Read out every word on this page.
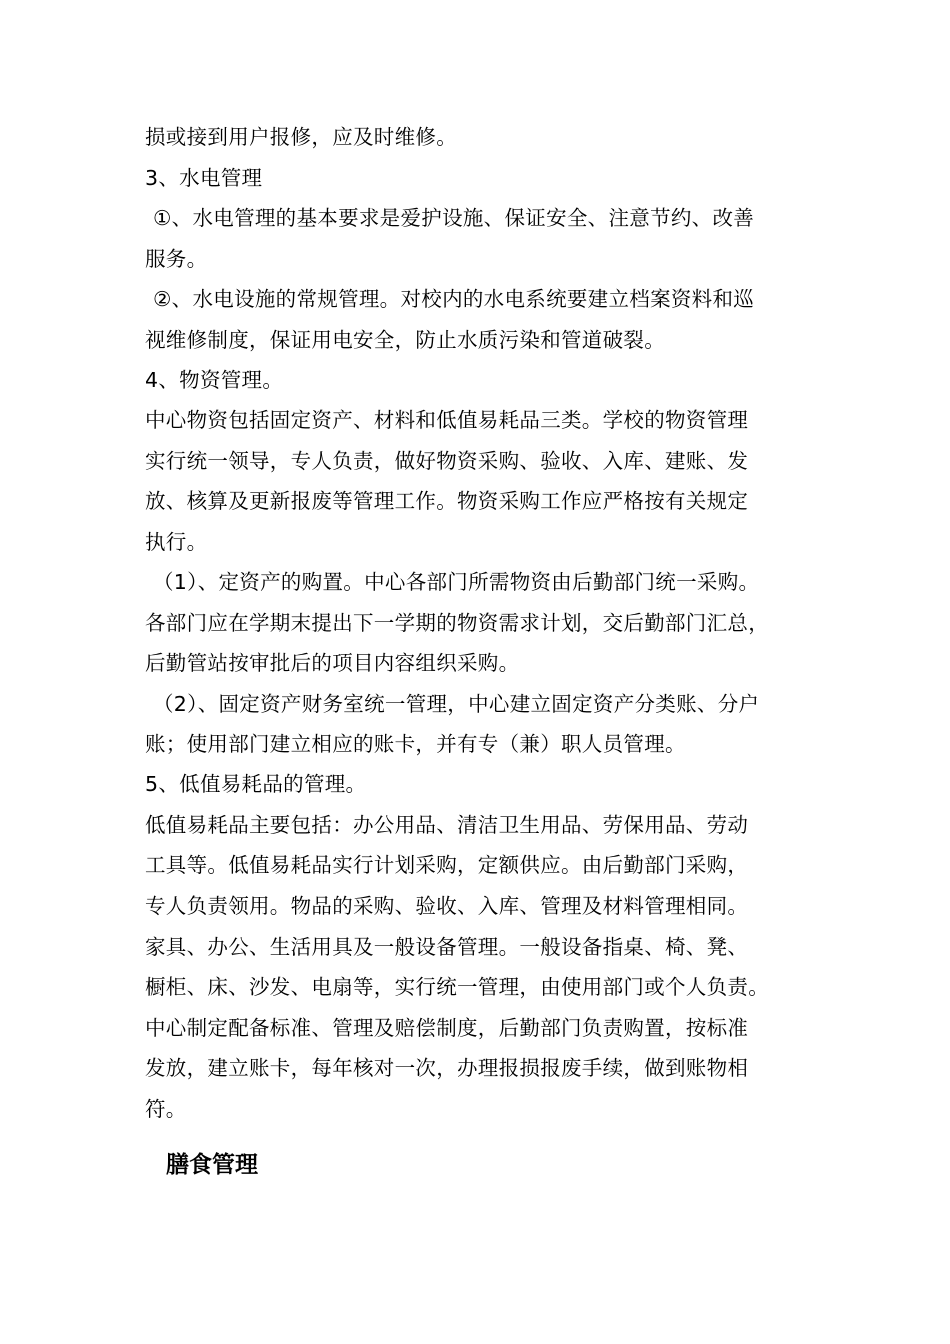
损或接到用户报修，应及时维修。
3、水电管理
①、水电管理的基本要求是爱护设施、保证安全、注意节约、改善
服务。
②、水电设施的常规管理。对校内的水电系统要建立档案资料和巡
视维修制度，保证用电安全，防止水质污染和管道破裂。
4、物资管理。
中心物资包括固定资产、材料和低值易耗品三类。学校的物资管理
实行统一领导，专人负责，做好物资采购、验收、入库、建账、发
放、核算及更新报废等管理工作。物资采购工作应严格按有关规定
执行。
（1）、定资产的购置。中心各部门所需物资由后勤部门统一采购。
各部门应在学期末提出下一学期的物资需求计划，交后勤部门汇总，
后勤管站按审批后的项目内容组织采购。
（2）、固定资产财务室统一管理，中心建立固定资产分类账、分户
账；使用部门建立相应的账卡，并有专（兼）职人员管理。
5、低值易耗品的管理。
低值易耗品主要包括：办公用品、清洁卫生用品、劳保用品、劳动
工具等。低值易耗品实行计划采购，定额供应。由后勤部门采购，
专人负责领用。物品的采购、验收、入库、管理及材料管理相同。
家具、办公、生活用具及一般设备管理。一般设备指桌、椅、凳、
橱柜、床、沙发、电扇等，实行统一管理，由使用部门或个人负责。
中心制定配备标准、管理及赔偿制度，后勤部门负责购置，按标准
发放，建立账卡，每年核对一次，办理报损报废手续，做到账物相
符。
膳食管理
